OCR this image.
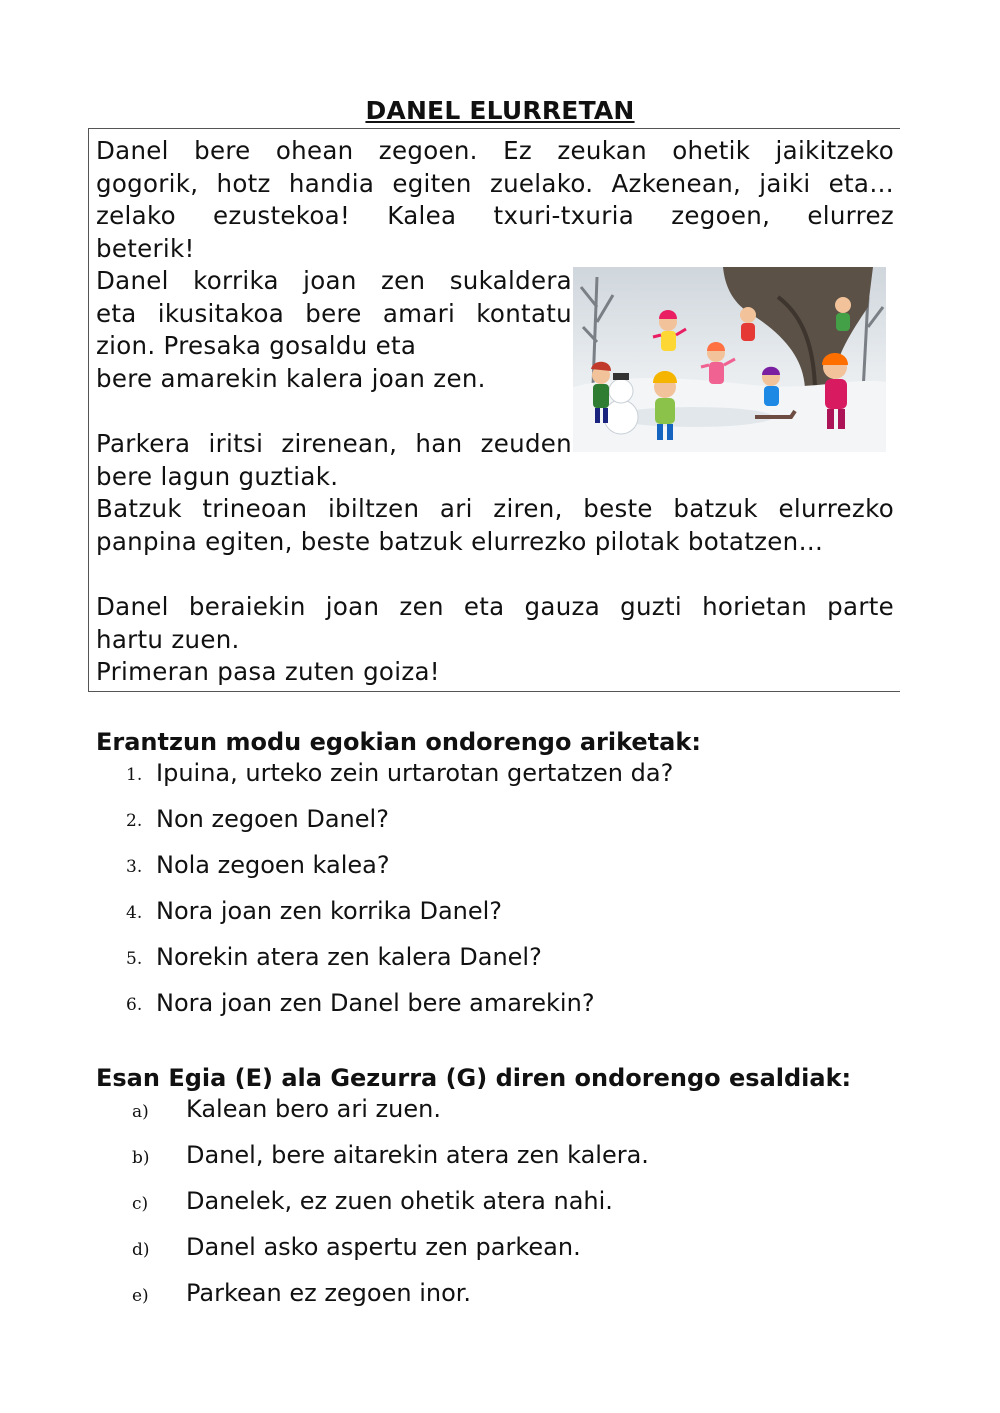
DANEL ELURRETAN
Danel bere ohean zegoen. Ez zeukan ohetik jaikitzeko
gogorik, hotz handia egiten zuelako. Azkenean, jaiki eta…
zelako ezustekoa! Kalea txuri-txuria zegoen, elurrez
beterik!
Danel korrika joan zen sukaldera
eta ikusitakoa bere amari kontatu
zion. Presaka gosaldu eta
bere amarekin kalera joan zen.
Parkera iritsi zirenean, han zeuden
bere lagun guztiak.
Batzuk trineoan ibiltzen ari ziren, beste batzuk elurrezko
panpina egiten, beste batzuk elurrezko pilotak botatzen…
Danel beraiekin joan zen eta gauza guzti horietan parte
hartu zuen.
Primeran pasa zuten goiza!
Erantzun modu egokian ondorengo ariketak:
1. Ipuina, urteko zein urtarotan gertatzen da?
2. Non zegoen Danel?
3. Nola zegoen kalea?
4. Nora joan zen korrika Danel?
5. Norekin atera zen kalera Danel?
6. Nora joan zen Danel bere amarekin?
Esan Egia (E) ala Gezurra (G) diren ondorengo esaldiak:
a) Kalean bero ari zuen.
b) Danel, bere aitarekin atera zen kalera.
c) Danelek, ez zuen ohetik atera nahi.
d) Danel asko aspertu zen parkean.
e) Parkean ez zegoen inor.
